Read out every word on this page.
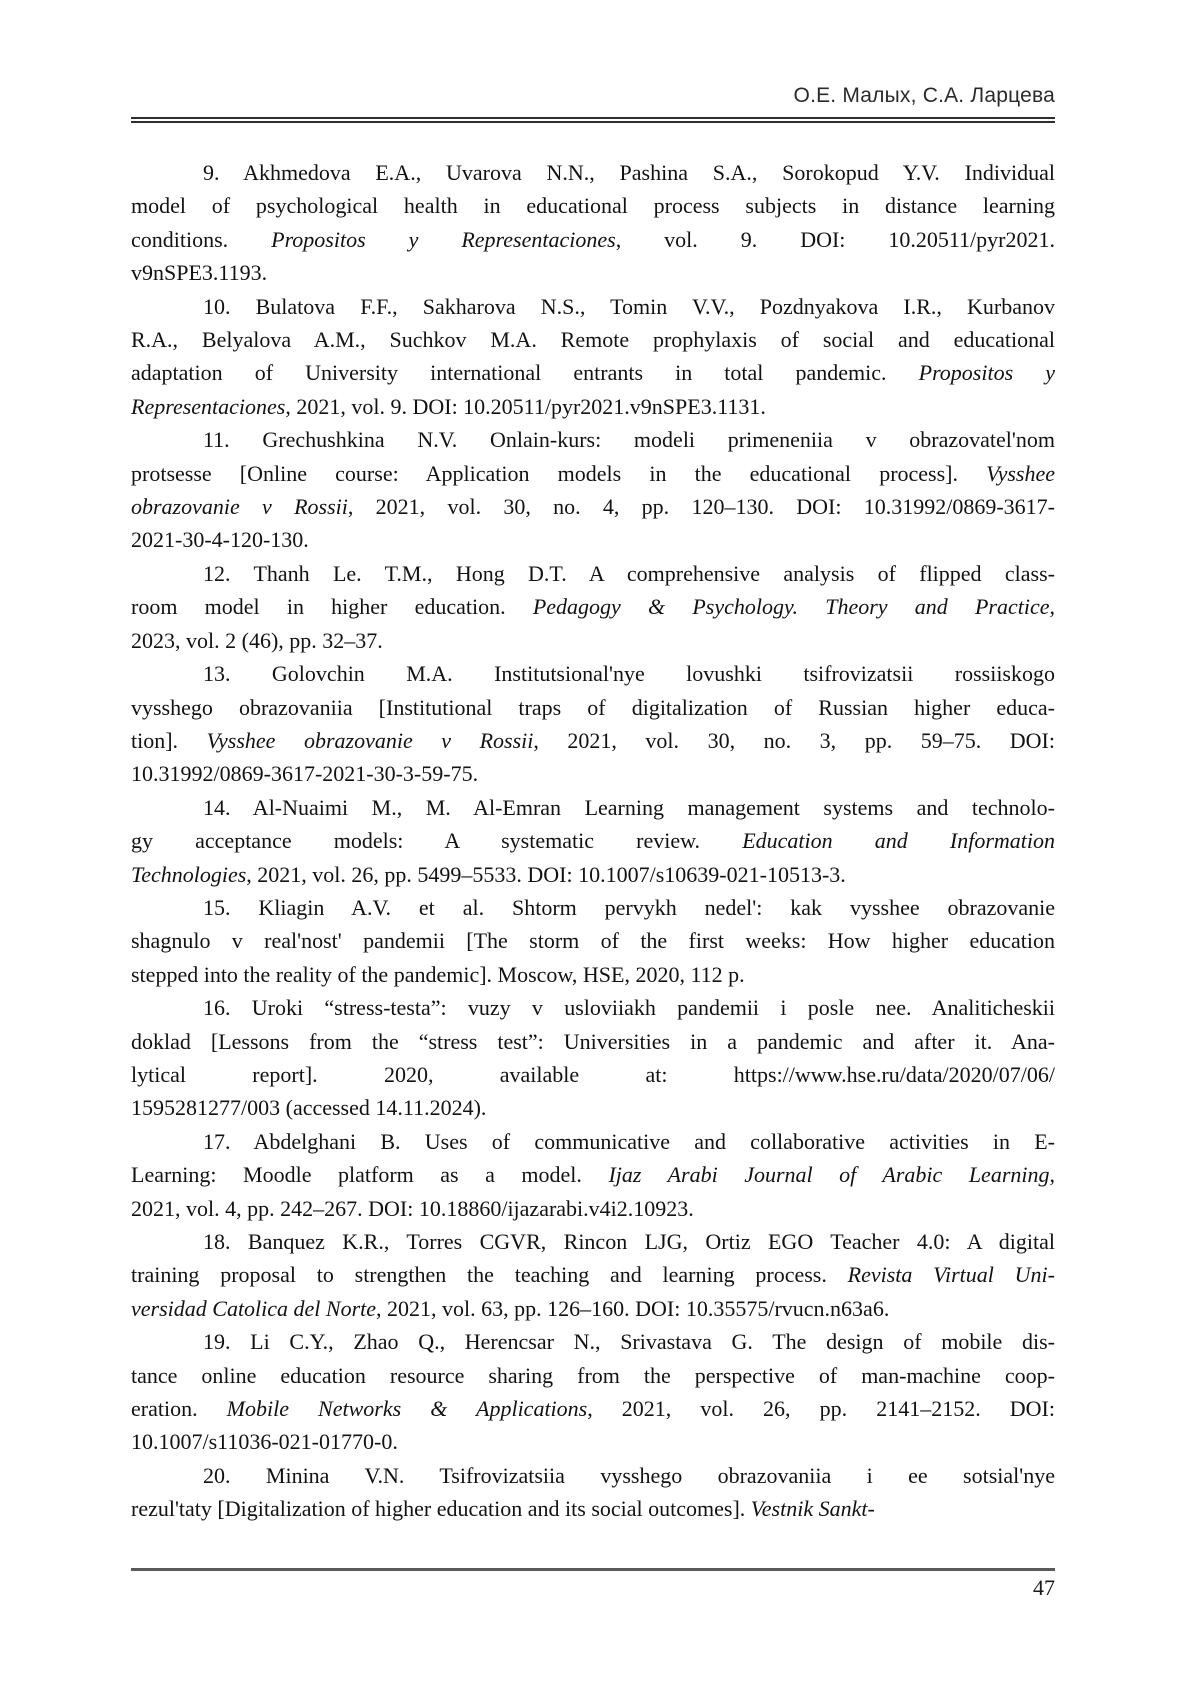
О.Е. Малых, С.А. Ларцева
9. Akhmedova E.A., Uvarova N.N., Pashina S.A., Sorokopud Y.V. Individual
model of psychological health in educational process subjects in distance learning
conditions. Propositos y Representaciones, vol. 9. DOI: 10.20511/pyr2021.
v9nSPE3.1193.
10. Bulatova F.F., Sakharova N.S., Tomin V.V., Pozdnyakova I.R., Kurbanov
R.A., Belyalova A.M., Suchkov M.A. Remote prophylaxis of social and educational
adaptation of University international entrants in total pandemic. Propositos y
Representaciones, 2021, vol. 9. DOI: 10.20511/pyr2021.v9nSPE3.1131.
11. Grechushkina N.V. Onlain-kurs: modeli primeneniia v obrazovatel'nom
protsesse [Online course: Application models in the educational process]. Vysshee
obrazovanie v Rossii, 2021, vol. 30, no. 4, pp. 120–130. DOI: 10.31992/0869-3617-
2021-30-4-120-130.
12. Thanh Le. T.M., Hong D.T. A comprehensive analysis of flipped class-
room model in higher education. Pedagogy & Psychology. Theory and Practice,
2023, vol. 2 (46), pp. 32–37.
13. Golovchin M.A. Institutsional'nye lovushki tsifrovizatsii rossiiskogo
vysshego obrazovaniia [Institutional traps of digitalization of Russian higher educa-
tion]. Vysshee obrazovanie v Rossii, 2021, vol. 30, no. 3, pp. 59–75. DOI:
10.31992/0869-3617-2021-30-3-59-75.
14. Al-Nuaimi M., M. Al-Emran Learning management systems and technolo-
gy acceptance models: A systematic review. Education and Information
Technologies, 2021, vol. 26, pp. 5499–5533. DOI: 10.1007/s10639-021-10513-3.
15. Kliagin A.V. et al. Shtorm pervykh nedel': kak vysshee obrazovanie
shagnulo v real'nost' pandemii [The storm of the first weeks: How higher education
stepped into the reality of the pandemic]. Moscow, HSE, 2020, 112 p.
16. Uroki “stress-testa”: vuzy v usloviiakh pandemii i posle nee. Analiticheskii
doklad [Lessons from the “stress test”: Universities in a pandemic and after it. Ana-
lytical report]. 2020, available at: https://www.hse.ru/data/2020/07/06/
1595281277/003 (accessed 14.11.2024).
17. Abdelghani B. Uses of communicative and collaborative activities in E-
Learning: Moodle platform as a model. Ijaz Arabi Journal of Arabic Learning,
2021, vol. 4, pp. 242–267. DOI: 10.18860/ijazarabi.v4i2.10923.
18. Banquez K.R., Torres CGVR, Rincon LJG, Ortiz EGO Teacher 4.0: A digital
training proposal to strengthen the teaching and learning process. Revista Virtual Uni-
versidad Catolica del Norte, 2021, vol. 63, pp. 126–160. DOI: 10.35575/rvucn.n63a6.
19. Li C.Y., Zhao Q., Herencsar N., Srivastava G. The design of mobile dis-
tance online education resource sharing from the perspective of man-machine coop-
eration. Mobile Networks & Applications, 2021, vol. 26, pp. 2141–2152. DOI:
10.1007/s11036-021-01770-0.
20. Minina V.N. Tsifrovizatsiia vysshego obrazovaniia i ee sotsial'nye
rezul'taty [Digitalization of higher education and its social outcomes]. Vestnik Sankt-
47
